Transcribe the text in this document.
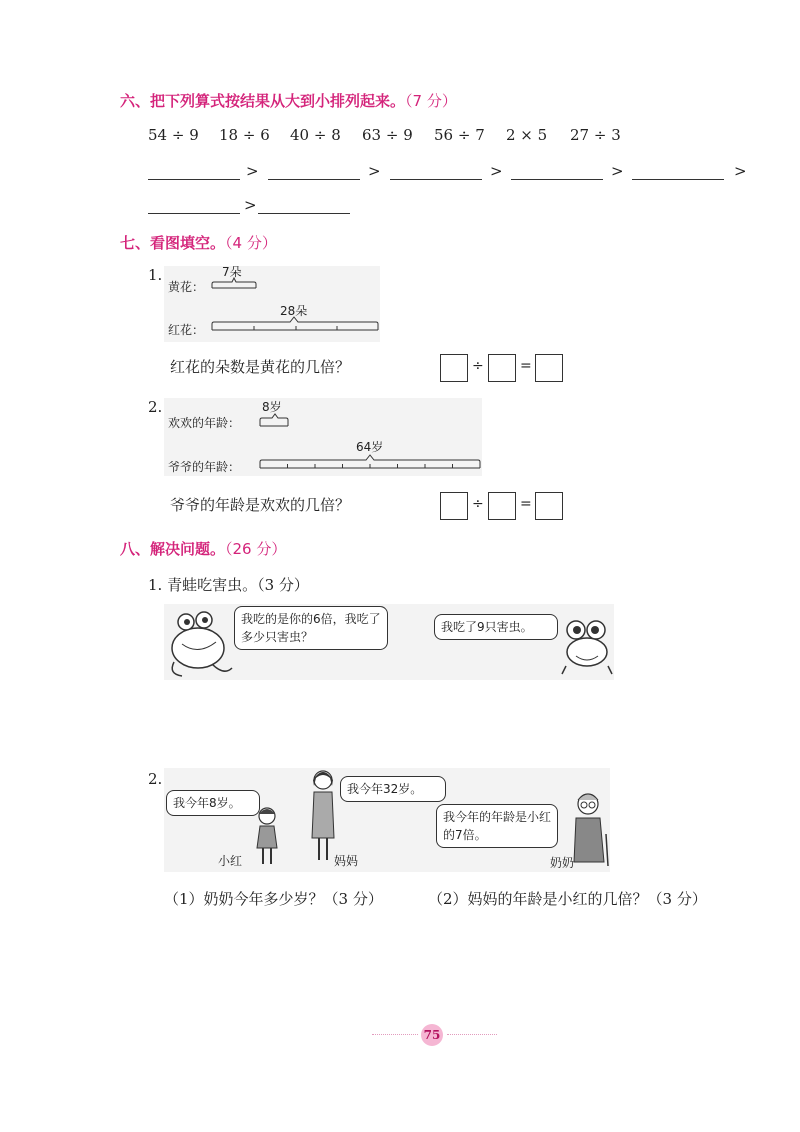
六、把下列算式按结果从大到小排列起来。（7 分）
54 ÷ 9 18 ÷ 6 40 ÷ 8 63 ÷ 9 56 ÷ 7 2 × 5 27 ÷ 3
>	>	>	>	>
>
七、看图填空。（4 分）
1.
黄花：
7朵
红花：
28朵
红花的朵数是黄花的几倍？	÷	=
2.
欢欢的年龄：
8岁
爷爷的年龄：
64岁
爷爷的年龄是欢欢的几倍？	÷	=
八、解决问题。（26 分）
1. 青蛙吃害虫。（3 分）
我吃的是你的6倍，我吃了多少只害虫？
我吃了9只害虫。
2.
我今年8岁。
小红	妈妈
我今年32岁。
我今年的年龄是小红的7倍。
奶奶
（1）奶奶今年多少岁？（3 分）	（2）妈妈的年龄是小红的几倍？（3 分）
75
